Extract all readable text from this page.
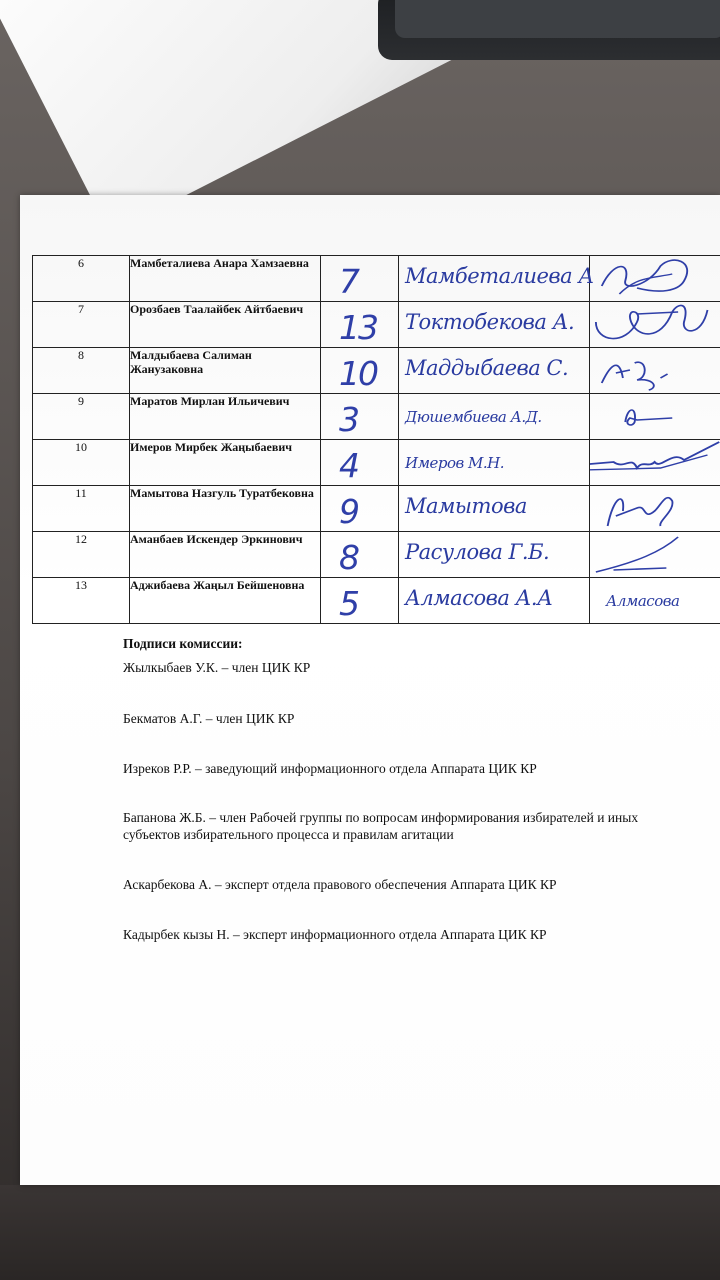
6	Мамбеталиева Анара Хамзаевна	7	Мамбеталиева А

7	Орозбаев Таалайбек Айтбаевич	13	Токтобекова А.

8	Малдыбаева Салиман Жанузаковна	10	Маддыбаева С.

9	Маратов Мирлан Ильичевич	3	Дюшембиева А.Д.

10	Имеров Мирбек Жаңыбаевич	4	Имеров М.Н.

11	Мамытова Назгуль Туратбековна	9	Мамытова

12	Аманбаев Искендер Эркинович	8	Расулова Г.Б.

13	Аджибаева Жаңыл Бейшеновна	5	Алмасова А.А	Алмасова
Подписи комиссии:
Жылкыбаев У.К. – член ЦИК КР
Бекматов А.Г. – член ЦИК КР
Изреков Р.Р. – заведующий информационного отдела Аппарата ЦИК КР
Бапанова Ж.Б. – член Рабочей группы по вопросам информирования избирателей и иных субъектов избирательного процесса и правилам агитации
Аскарбекова А. – эксперт отдела правового обеспечения Аппарата ЦИК КР
Кадырбек кызы Н. – эксперт информационного отдела Аппарата ЦИК КР
